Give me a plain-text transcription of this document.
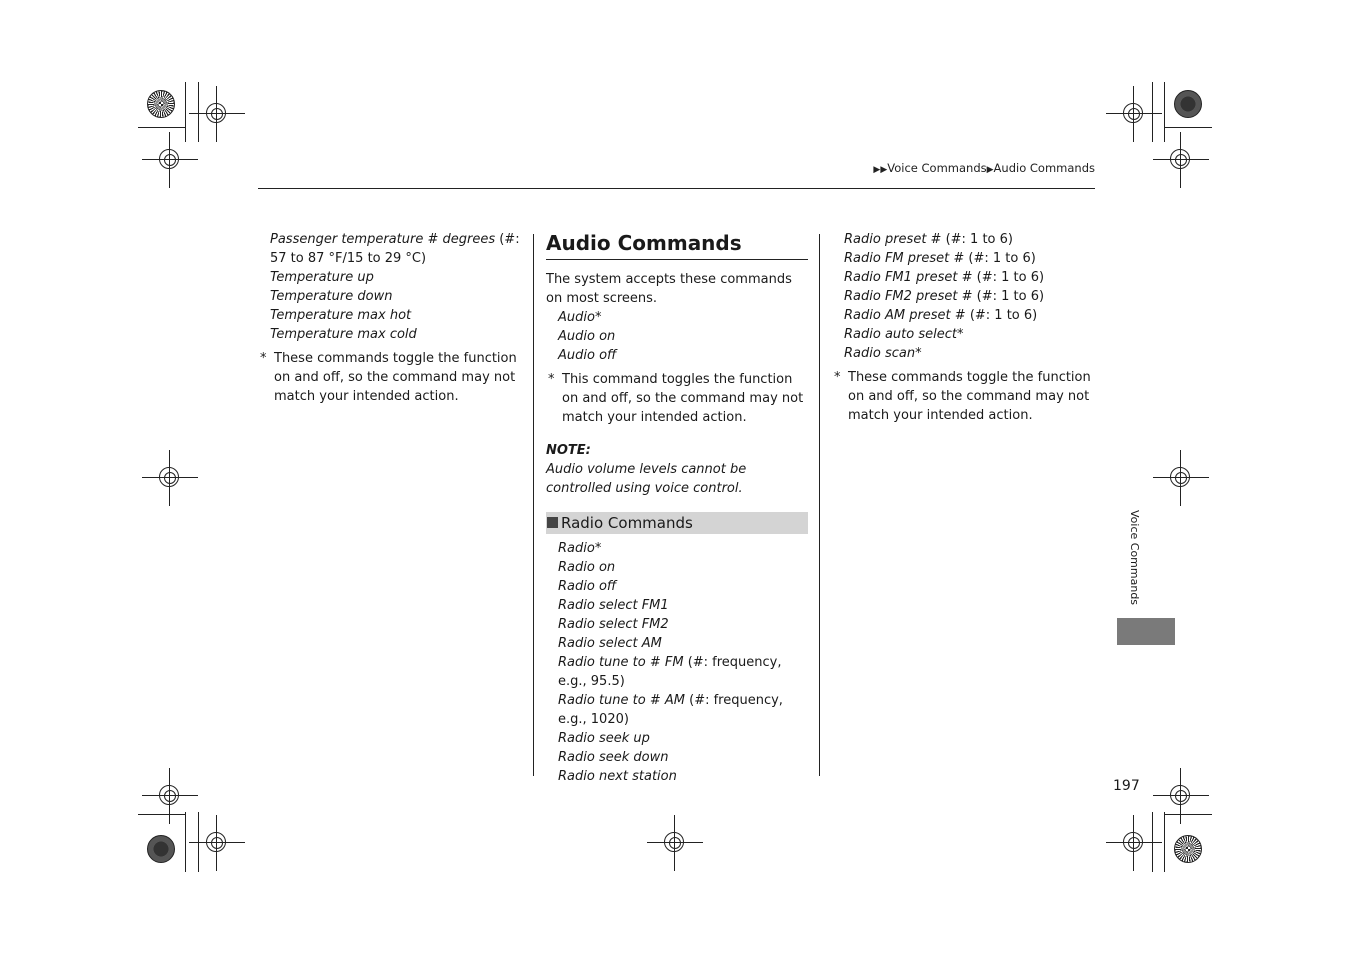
▶▶Voice Commands▶Audio Commands
Passenger temperature # degrees (#: 57 to 87 °F/15 to 29 °C)
Temperature up
Temperature down
Temperature max hot
Temperature max cold
* These commands toggle the function on and off, so the command may not match your intended action.
Audio Commands
The system accepts these commands on most screens.
Audio*
Audio on
Audio off
* This command toggles the function on and off, so the command may not match your intended action.
NOTE:
Audio volume levels cannot be controlled using voice control.
Radio Commands
Radio*
Radio on
Radio off
Radio select FM1
Radio select FM2
Radio select AM
Radio tune to # FM (#: frequency, e.g., 95.5)
Radio tune to # AM (#: frequency, e.g., 1020)
Radio seek up
Radio seek down
Radio next station
Radio preset # (#: 1 to 6)
Radio FM preset # (#: 1 to 6)
Radio FM1 preset # (#: 1 to 6)
Radio FM2 preset # (#: 1 to 6)
Radio AM preset # (#: 1 to 6)
Radio auto select*
Radio scan*
* These commands toggle the function on and off, so the command may not match your intended action.
Voice Commands
197
